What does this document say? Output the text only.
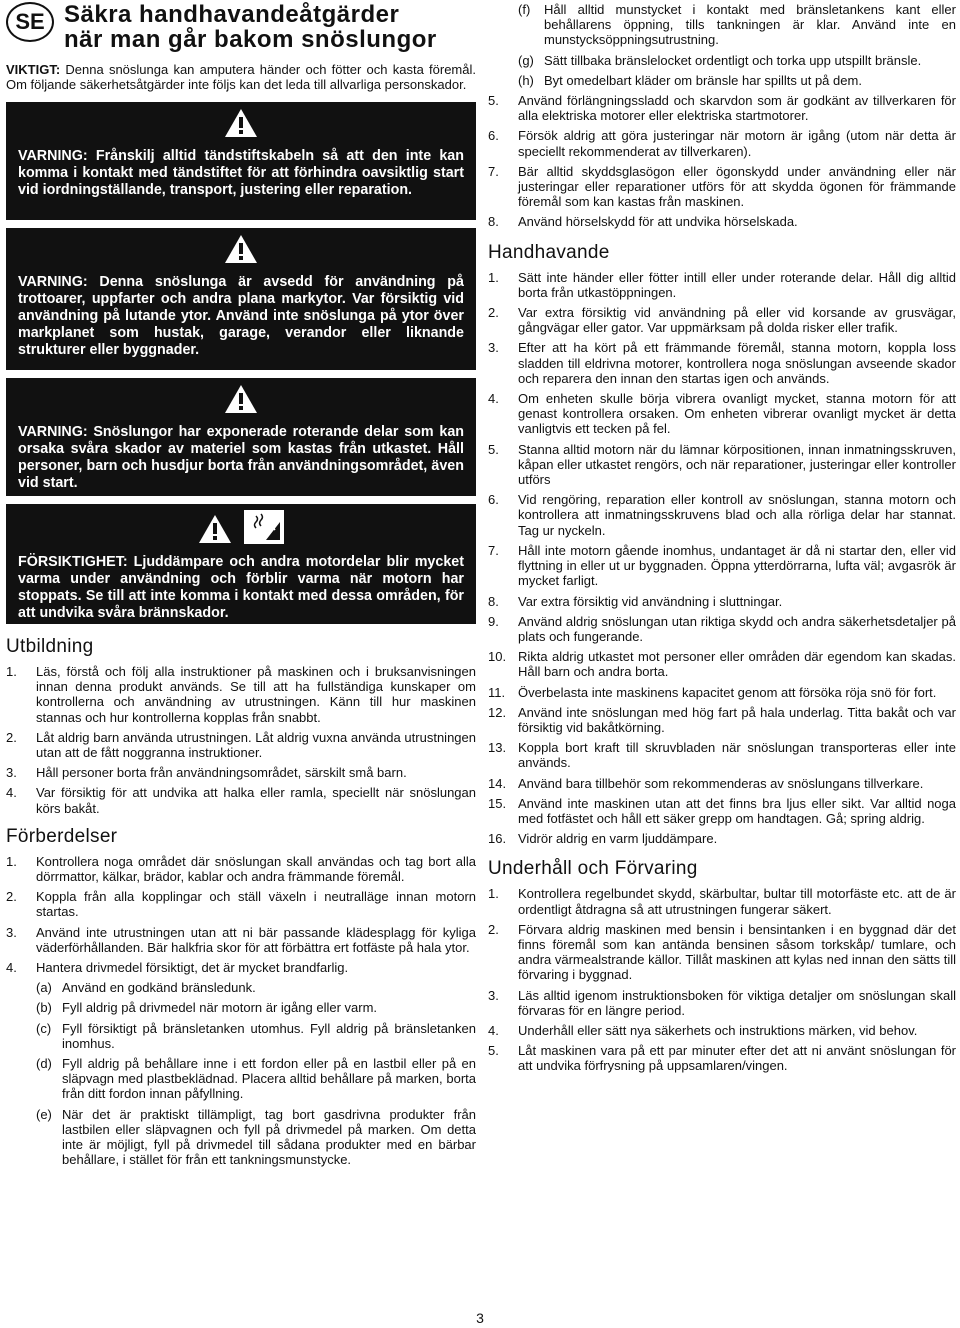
SE Säkra handhavandeåtgärder
när man går bakom snöslungor

VIKTIGT: Denna snöslunga kan amputera händer och fötter och kasta föremål. Om följande säkerhetsåtgärder inte följs kan det leda till allvarliga personskador.

VARNING: Frånskilj alltid tändstiftskabeln så att den inte kan komma i kontakt med tändstiftet för att förhindra oavsiktlig start vid iordningställande, transport, justering eller reparation.

VARNING: Denna snöslunga är avsedd för användning på trottoarer, uppfarter och andra plana markytor. Var försiktig vid användning på lutande ytor. Använd inte snöslunga på ytor över markplanet som hustak, garage, verandor eller liknande strukturer eller byggnader.

VARNING: Snöslungor har exponerade roterande delar som kan orsaka svåra skador av materiel som kastas från utkastet. Håll personer, barn och husdjur borta från användningsområdet, även vid start.

FÖRSIKTIGHET: Ljuddämpare och andra motordelar blir mycket varma under användning och förblir varma när motorn har stoppats. Se till att inte komma i kontakt med dessa områden, för att undvika svåra brännskador.

Utbildning
1.	Läs, förstå och följ alla instruktioner på maskinen och i bruksanvisningen innan denna produkt används. Se till att ha fullständiga kunskaper om kontrollerna och användning av utrustningen. Känn till hur maskinen stannas och hur kontrollerna kopplas från snabbt.
2.	Låt aldrig barn använda utrustningen. Låt aldrig vuxna använda utrustningen utan att de fått noggranna instruktioner.
3.	Håll personer borta från användningsområdet, särskilt små barn.
4.	Var försiktig för att undvika att halka eller ramla, speciellt när snöslungan körs bakåt.
Förberdelser
1.	Kontrollera noga området där snöslungan skall användas och tag bort alla dörrmattor, kälkar, brädor, kablar och andra främmande föremål.
2.	Koppla från alla kopplingar och ställ växeln i neutralläge innan motorn startas.
3.	Använd inte utrustningen utan att ni bär passande klädesplagg för kyliga väderförhållanden. Bär halkfria skor för att förbättra ert fotfäste på hala ytor.
4.	Hantera drivmedel försiktigt, det är mycket brandfarlig.
(a) Använd en godkänd bränsledunk.
(b) Fyll aldrig på drivmedel när motorn är igång eller varm.
(c) Fyll försiktigt på bränsletanken utomhus. Fyll aldrig på bränsletanken inomhus.
(d) Fyll aldrig på behållare inne i ett fordon eller på en lastbil eller på en släpvagn med plastbeklädnad. Placera alltid behållare på marken, borta från ditt fordon innan påfyllning.
(e) När det är praktiskt tillämpligt, tag bort gasdrivna produkter från lastbilen eller släpvagnen och fyll på drivmedel på marken. Om detta inte är möjligt, fyll på drivmedel till sådana produkter med en bärbar behållare, i stället för från ett tankningsmunstycke.
(f)	Håll alltid munstycket i kontakt med bränsletankens kant eller behållarens öppning, tills tankningen är klar. Använd inte en munstycksöppningsutrustning.
(g) Sätt tillbaka bränslelocket ordentligt och torka upp utspillt bränsle.
(h) Byt omedelbart kläder om bränsle har spillts ut på dem.
5.	Använd förlängningssladd och skarvdon som är godkänt av tillverkaren för alla elektriska motorer eller elektriska startmotorer.
6.	Försök aldrig att göra justeringar när motorn är igång (utom när detta är speciellt rekommenderat av tillverkaren).
7.	Bär alltid skyddsglasögon eller ögonskydd under användning eller när justeringar eller reparationer utförs för att skydda ögonen för främmande föremål som kan kastas från maskinen.
8.	Använd hörselskydd för att undvika hörselskada.
Handhavande
1.	Sätt inte händer eller fötter intill eller under roterande delar. Håll dig alltid borta från utkastöppningen.
2.	Var extra försiktig vid användning på eller vid korsande av grusvägar, gångvägar eller gator. Var uppmärksam på dolda risker eller trafik.
3.	Efter att ha kört på ett främmande föremål, stanna motorn, koppla loss sladden till eldrivna motorer, kontrollera noga snöslungan avseende skador och reparera den innan den startas igen och används.
4.	Om enheten skulle börja vibrera ovanligt mycket, stanna motorn för att genast kontrollera orsaken. Om enheten vibrerar ovanligt mycket är detta vanligtvis ett tecken på fel.
5.	Stanna alltid motorn när du lämnar körpositionen, innan inmatningsskruven, kåpan eller utkastet rengörs, och när reparationer, justeringar eller kontroller utförs
6.	Vid rengöring, reparation eller kontroll av snöslungan, stanna motorn och kontrollera att inmatningsskruvens blad och alla rörliga delar har stannat. Tag ur nyckeln.
7.	Håll inte motorn gående inomhus, undantaget är då ni startar den, eller vid flyttning in eller ut ur byggnaden. Öppna ytterdörrarna, lufta väl; avgasrök är mycket farligt.
8.	Var extra försiktig vid användning i sluttningar.
9.	Använd aldrig snöslungan utan riktiga skydd och andra säkerhetsdetaljer på plats och fungerande.
10. Rikta aldrig utkastet mot personer eller områden där egendom kan skadas. Håll barn och andra borta.
11. Överbelasta inte maskinens kapacitet genom att försöka röja snö för fort.
12. Använd inte snöslungan med hög fart på hala underlag. Titta bakåt och var försiktig vid bakåtkörning.
13. Koppla bort kraft till skruvbladen när snöslungan transporteras eller inte används.
14. Använd bara tillbehör som rekommenderas av snöslungans tillverkare.
15. Använd inte maskinen utan att det finns bra ljus eller sikt. Var alltid noga med fotfästet och håll ett säker grepp om handtagen. Gå; spring aldrig.
16. Vidrör aldrig en varm ljuddämpare.
Underhåll och Förvaring
1.	Kontrollera regelbundet skydd, skärbultar, bultar till motorfäste etc. att de är ordentligt åtdragna så att utrustningen fungerar säkert.
2.	Förvara aldrig maskinen med bensin i bensintanken i en byggnad där det finns föremål som kan antända bensinen såsom torkskåp/ tumlare, och andra värmealstrande källor. Tillåt maskinen att kylas ned innan den sätts till förvaring i byggnad.
3.	Läs alltid igenom instruktionsboken för viktiga detaljer om snöslungan skall förvaras för en längre period.
4.	Underhåll eller sätt nya säkerhets och instruktions märken, vid behov.
5.	Låt maskinen vara på ett par minuter efter det att ni använt snöslungan för att undvika förfrysning på uppsamlaren/vingen.
3
